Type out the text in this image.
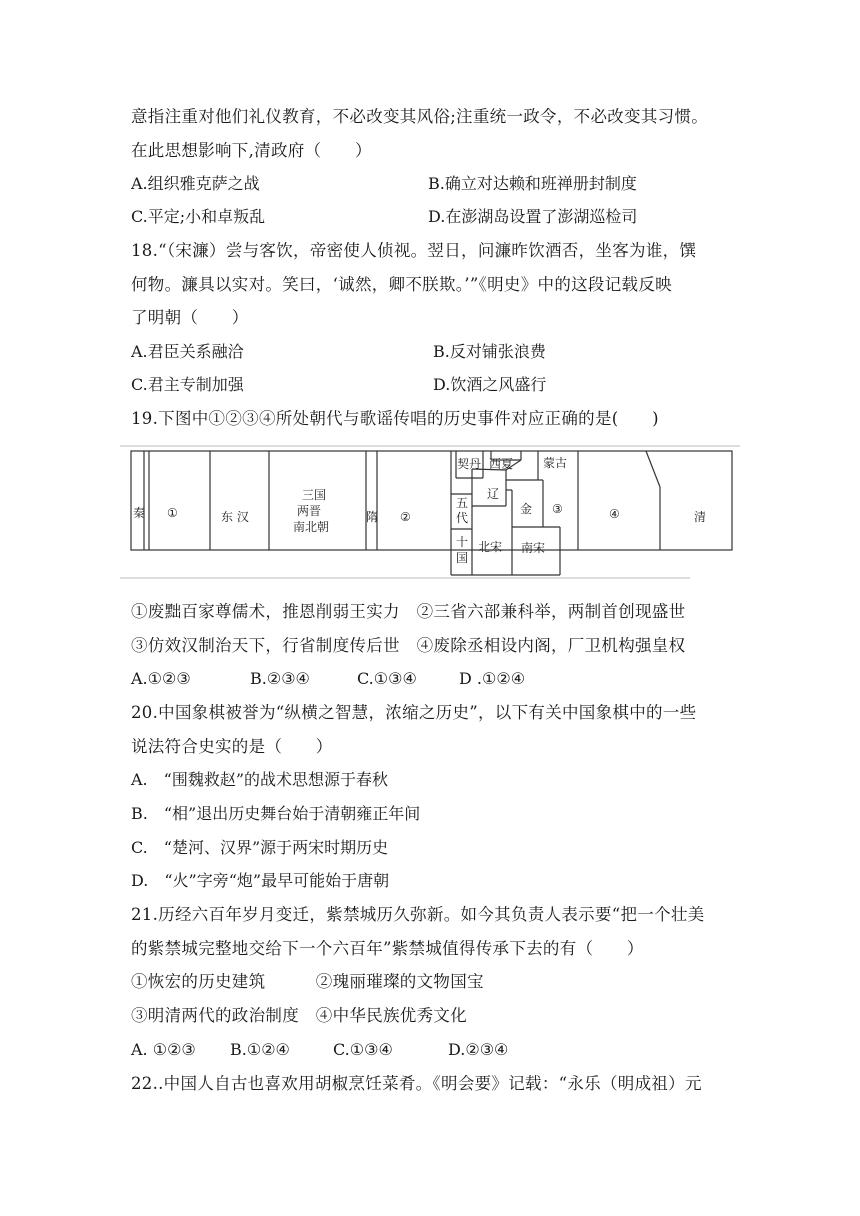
意指注重对他们礼仪教育，不必改变其风俗;注重统一政令，不必改变其习惯。
在此思想影响下,清政府（　　）
A.组织雅克萨之战	B.确立对达赖和班禅册封制度
C.平定;小和卓叛乱	D.在澎湖岛设置了澎湖巡检司
18.“（宋濂）尝与客饮，帝密使人侦视。翌日，问濂昨饮酒否，坐客为谁，馔
何物。濂具以实对。笑曰，‘诚然，卿不朕欺。’”《明史》中的这段记载反映
了明朝（　　）
A.君臣关系融洽	B.反对铺张浪费
C.君主专制加强	D.饮酒之风盛行
19.下图中①②③④所处朝代与歌谣传唱的历史事件对应正确的是(　　)
秦 ①	东 汉
三国
两晋
南北朝
隋 ②
契丹 西夏 蒙古
辽
金 ③
五
代
十
国
北宋 南宋
④	清
①废黜百家尊儒术，推恩削弱王实力　②三省六部兼科举，两制首创现盛世
③仿效汉制治天下，行省制度传后世　④废除丞相设内阁，厂卫机构强皇权
A.①②③	B.②③④	C.①③④	D .①②④
20.中国象棋被誉为“纵横之智慧，浓缩之历史”，以下有关中国象棋中的一些
说法符合史实的是（　　）
A.　“围魏救赵”的战术思想源于春秋
B.　“相”退出历史舞台始于清朝雍正年间
C.　“楚河、汉界”源于两宋时期历史
D.　“火”字旁“炮”最早可能始于唐朝
21.历经六百年岁月变迁，紫禁城历久弥新。如今其负责人表示要“把一个壮美
的紫禁城完整地交给下一个六百年”紫禁城值得传承下去的有（　　）
①恢宏的历史建筑　　　②瑰丽璀璨的文物国宝
③明清两代的政治制度　④中华民族优秀文化
A. ①②③ B.①②④	C.①③④	D.②③④
22..中国人自古也喜欢用胡椒烹饪菜肴。《明会要》记载：“永乐（明成祖）元
